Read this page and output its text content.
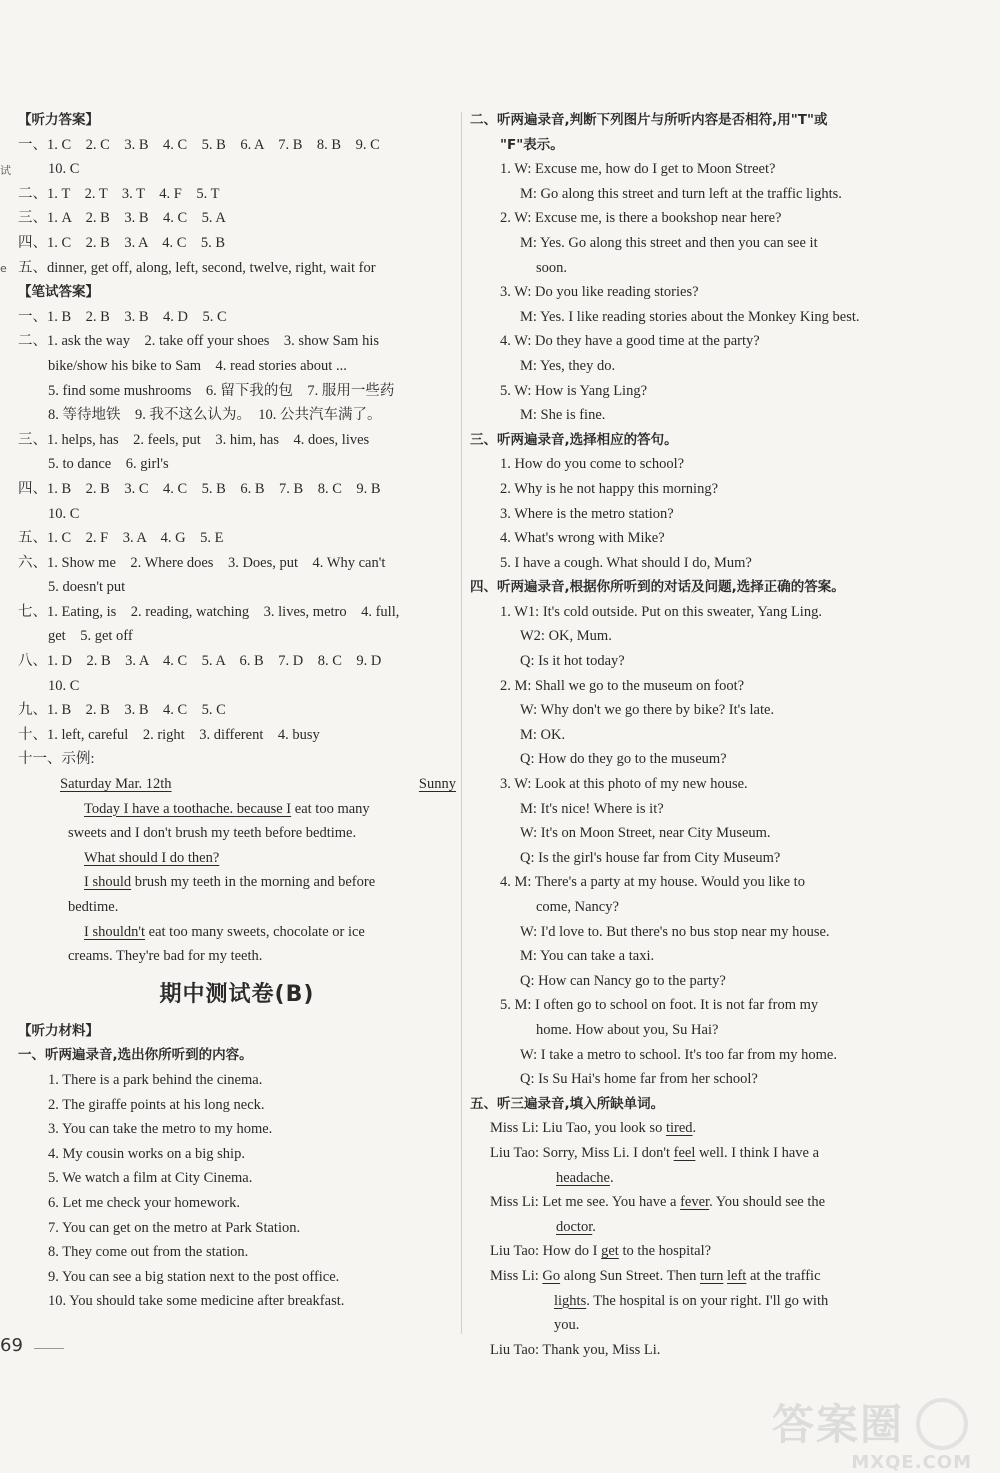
试
e
【听力答案】
一、1. C　2. C　3. B　4. C　5. B　6. A　7. B　8. B　9. C
10. C
二、1. T　2. T　3. T　4. F　5. T
三、1. A　2. B　3. B　4. C　5. A
四、1. C　2. B　3. A　4. C　5. B
五、dinner, get off, along, left, second, twelve, right, wait for
【笔试答案】
一、1. B　2. B　3. B　4. D　5. C
二、1. ask the way　2. take off your shoes　3. show Sam his
bike/show his bike to Sam　4. read stories about ...
5. find some mushrooms　6. 留下我的包　7. 服用一些药
8. 等待地铁　9. 我不这么认为。　10. 公共汽车满了。
三、1. helps, has　2. feels, put　3. him, has　4. does, lives
5. to dance　6. girl's
四、1. B　2. B　3. C　4. C　5. B　6. B　7. B　8. C　9. B
10. C
五、1. C　2. F　3. A　4. G　5. E
六、1. Show me　2. Where does　3. Does, put　4. Why can't
5. doesn't put
七、1. Eating, is　2. reading, watching　3. lives, metro　4. full,
get　5. get off
八、1. D　2. B　3. A　4. C　5. A　6. B　7. D　8. C　9. D
10. C
九、1. B　2. B　3. B　4. C　5. C
十、1. left, careful　2. right　3. different　4. busy
十一、示例:
Saturday Mar. 12th	Sunny
Today I have a toothache. because I eat too many
sweets and I don't brush my teeth before bedtime.
What should I do then?
I should brush my teeth in the morning and before
bedtime.
I shouldn't eat too many sweets, chocolate or ice
creams. They're bad for my teeth.
期中测试卷(B)
【听力材料】
一、听两遍录音,选出你所听到的内容。
1. There is a park behind the cinema.
2. The giraffe points at his long neck.
3. You can take the metro to my home.
4. My cousin works on a big ship.
5. We watch a film at City Cinema.
6. Let me check your homework.
7. You can get on the metro at Park Station.
8. They come out from the station.
9. You can see a big station next to the post office.
10. You should take some medicine after breakfast.
二、听两遍录音,判断下列图片与所听内容是否相符,用"T"或
"F"表示。
1. W: Excuse me, how do I get to Moon Street?
M: Go along this street and turn left at the traffic lights.
2. W: Excuse me, is there a bookshop near here?
M: Yes. Go along this street and then you can see it
soon.
3. W: Do you like reading stories?
M: Yes. I like reading stories about the Monkey King best.
4. W: Do they have a good time at the party?
M: Yes, they do.
5. W: How is Yang Ling?
M: She is fine.
三、听两遍录音,选择相应的答句。
1. How do you come to school?
2. Why is he not happy this morning?
3. Where is the metro station?
4. What's wrong with Mike?
5. I have a cough. What should I do, Mum?
四、听两遍录音,根据你所听到的对话及问题,选择正确的答案。
1. W1: It's cold outside. Put on this sweater, Yang Ling.
W2: OK, Mum.
Q: Is it hot today?
2. M: Shall we go to the museum on foot?
W: Why don't we go there by bike? It's late.
M: OK.
Q: How do they go to the museum?
3. W: Look at this photo of my new house.
M: It's nice! Where is it?
W: It's on Moon Street, near City Museum.
Q: Is the girl's house far from City Museum?
4. M: There's a party at my house. Would you like to
come, Nancy?
W: I'd love to. But there's no bus stop near my house.
M: You can take a taxi.
Q: How can Nancy go to the party?
5. M: I often go to school on foot. It is not far from my
home. How about you, Su Hai?
W: I take a metro to school. It's too far from my home.
Q: Is Su Hai's home far from her school?
五、听三遍录音,填入所缺单词。
Miss Li: Liu Tao, you look so tired.
Liu Tao: Sorry, Miss Li. I don't feel well. I think I have a
headache.
Miss Li: Let me see. You have a fever. You should see the
doctor.
Liu Tao: How do I get to the hospital?
Miss Li: Go along Sun Street. Then turn left at the traffic
lights. The hospital is on your right. I'll go with
you.
Liu Tao: Thank you, Miss Li.
69
答案圈
MXQE.COM
